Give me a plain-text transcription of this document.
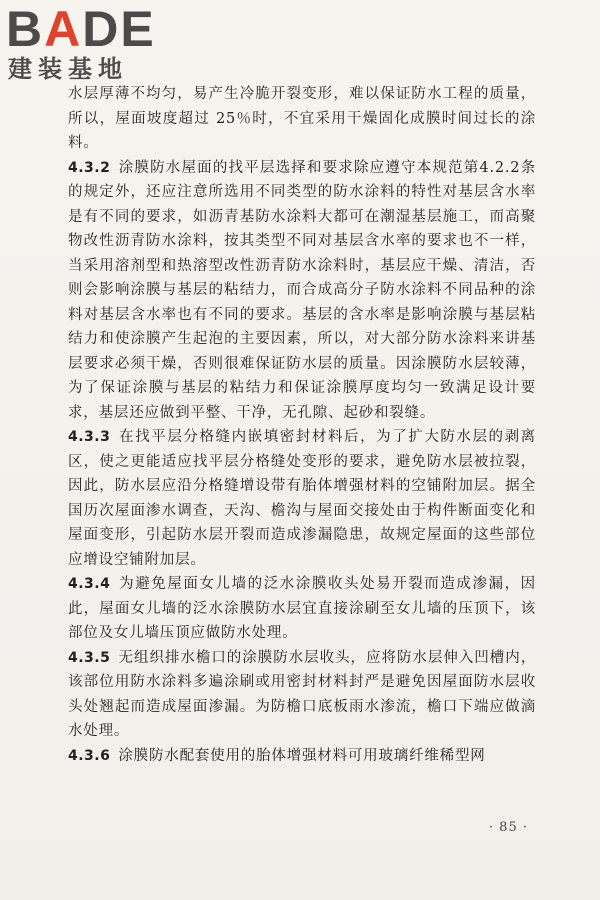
BADE
建装基地

水层厚薄不均匀，易产生冷脆开裂变形，难以保证防水工程的质量，所以，屋面坡度超过 25％时，不宜采用干燥固化成膜时间过长的涂料。

4.3.2 涂膜防水屋面的找平层选择和要求除应遵守本规范第4.2.2条的规定外，还应注意所选用不同类型的防水涂料的特性对基层含水率是有不同的要求，如沥青基防水涂料大都可在潮湿基层施工，而高聚物改性沥青防水涂料，按其类型不同对基层含水率的要求也不一样，当采用溶剂型和热溶型改性沥青防水涂料时，基层应干燥、清洁，否则会影响涂膜与基层的粘结力，而合成高分子防水涂料不同品种的涂料对基层含水率也有不同的要求。基层的含水率是影响涂膜与基层粘结力和使涂膜产生起泡的主要因素，所以，对大部分防水涂料来讲基层要求必须干燥，否则很难保证防水层的质量。因涂膜防水层较薄，为了保证涂膜与基层的粘结力和保证涂膜厚度均匀一致满足设计要求，基层还应做到平整、干净，无孔隙、起砂和裂缝。

4.3.3 在找平层分格缝内嵌填密封材料后，为了扩大防水层的剥离区，使之更能适应找平层分格缝处变形的要求，避免防水层被拉裂，因此，防水层应沿分格缝增设带有胎体增强材料的空铺附加层。据全国历次屋面渗水调查，天沟、檐沟与屋面交接处由于构件断面变化和屋面变形，引起防水层开裂而造成渗漏隐患，故规定屋面的这些部位应增设空铺附加层。

4.3.4 为避免屋面女儿墙的泛水涂膜收头处易开裂而造成渗漏，因此，屋面女儿墙的泛水涂膜防水层宜直接涂刷至女儿墙的压顶下，该部位及女儿墙压顶应做防水处理。

4.3.5 无组织排水檐口的涂膜防水层收头，应将防水层伸入凹槽内，该部位用防水涂料多遍涂刷或用密封材料封严是避免因屋面防水层收头处翘起而造成屋面渗漏。为防檐口底板雨水渗流，檐口下端应做滴水处理。

4.3.6 涂膜防水配套使用的胎体增强材料可用玻璃纤维稀型网

· 85 ·
